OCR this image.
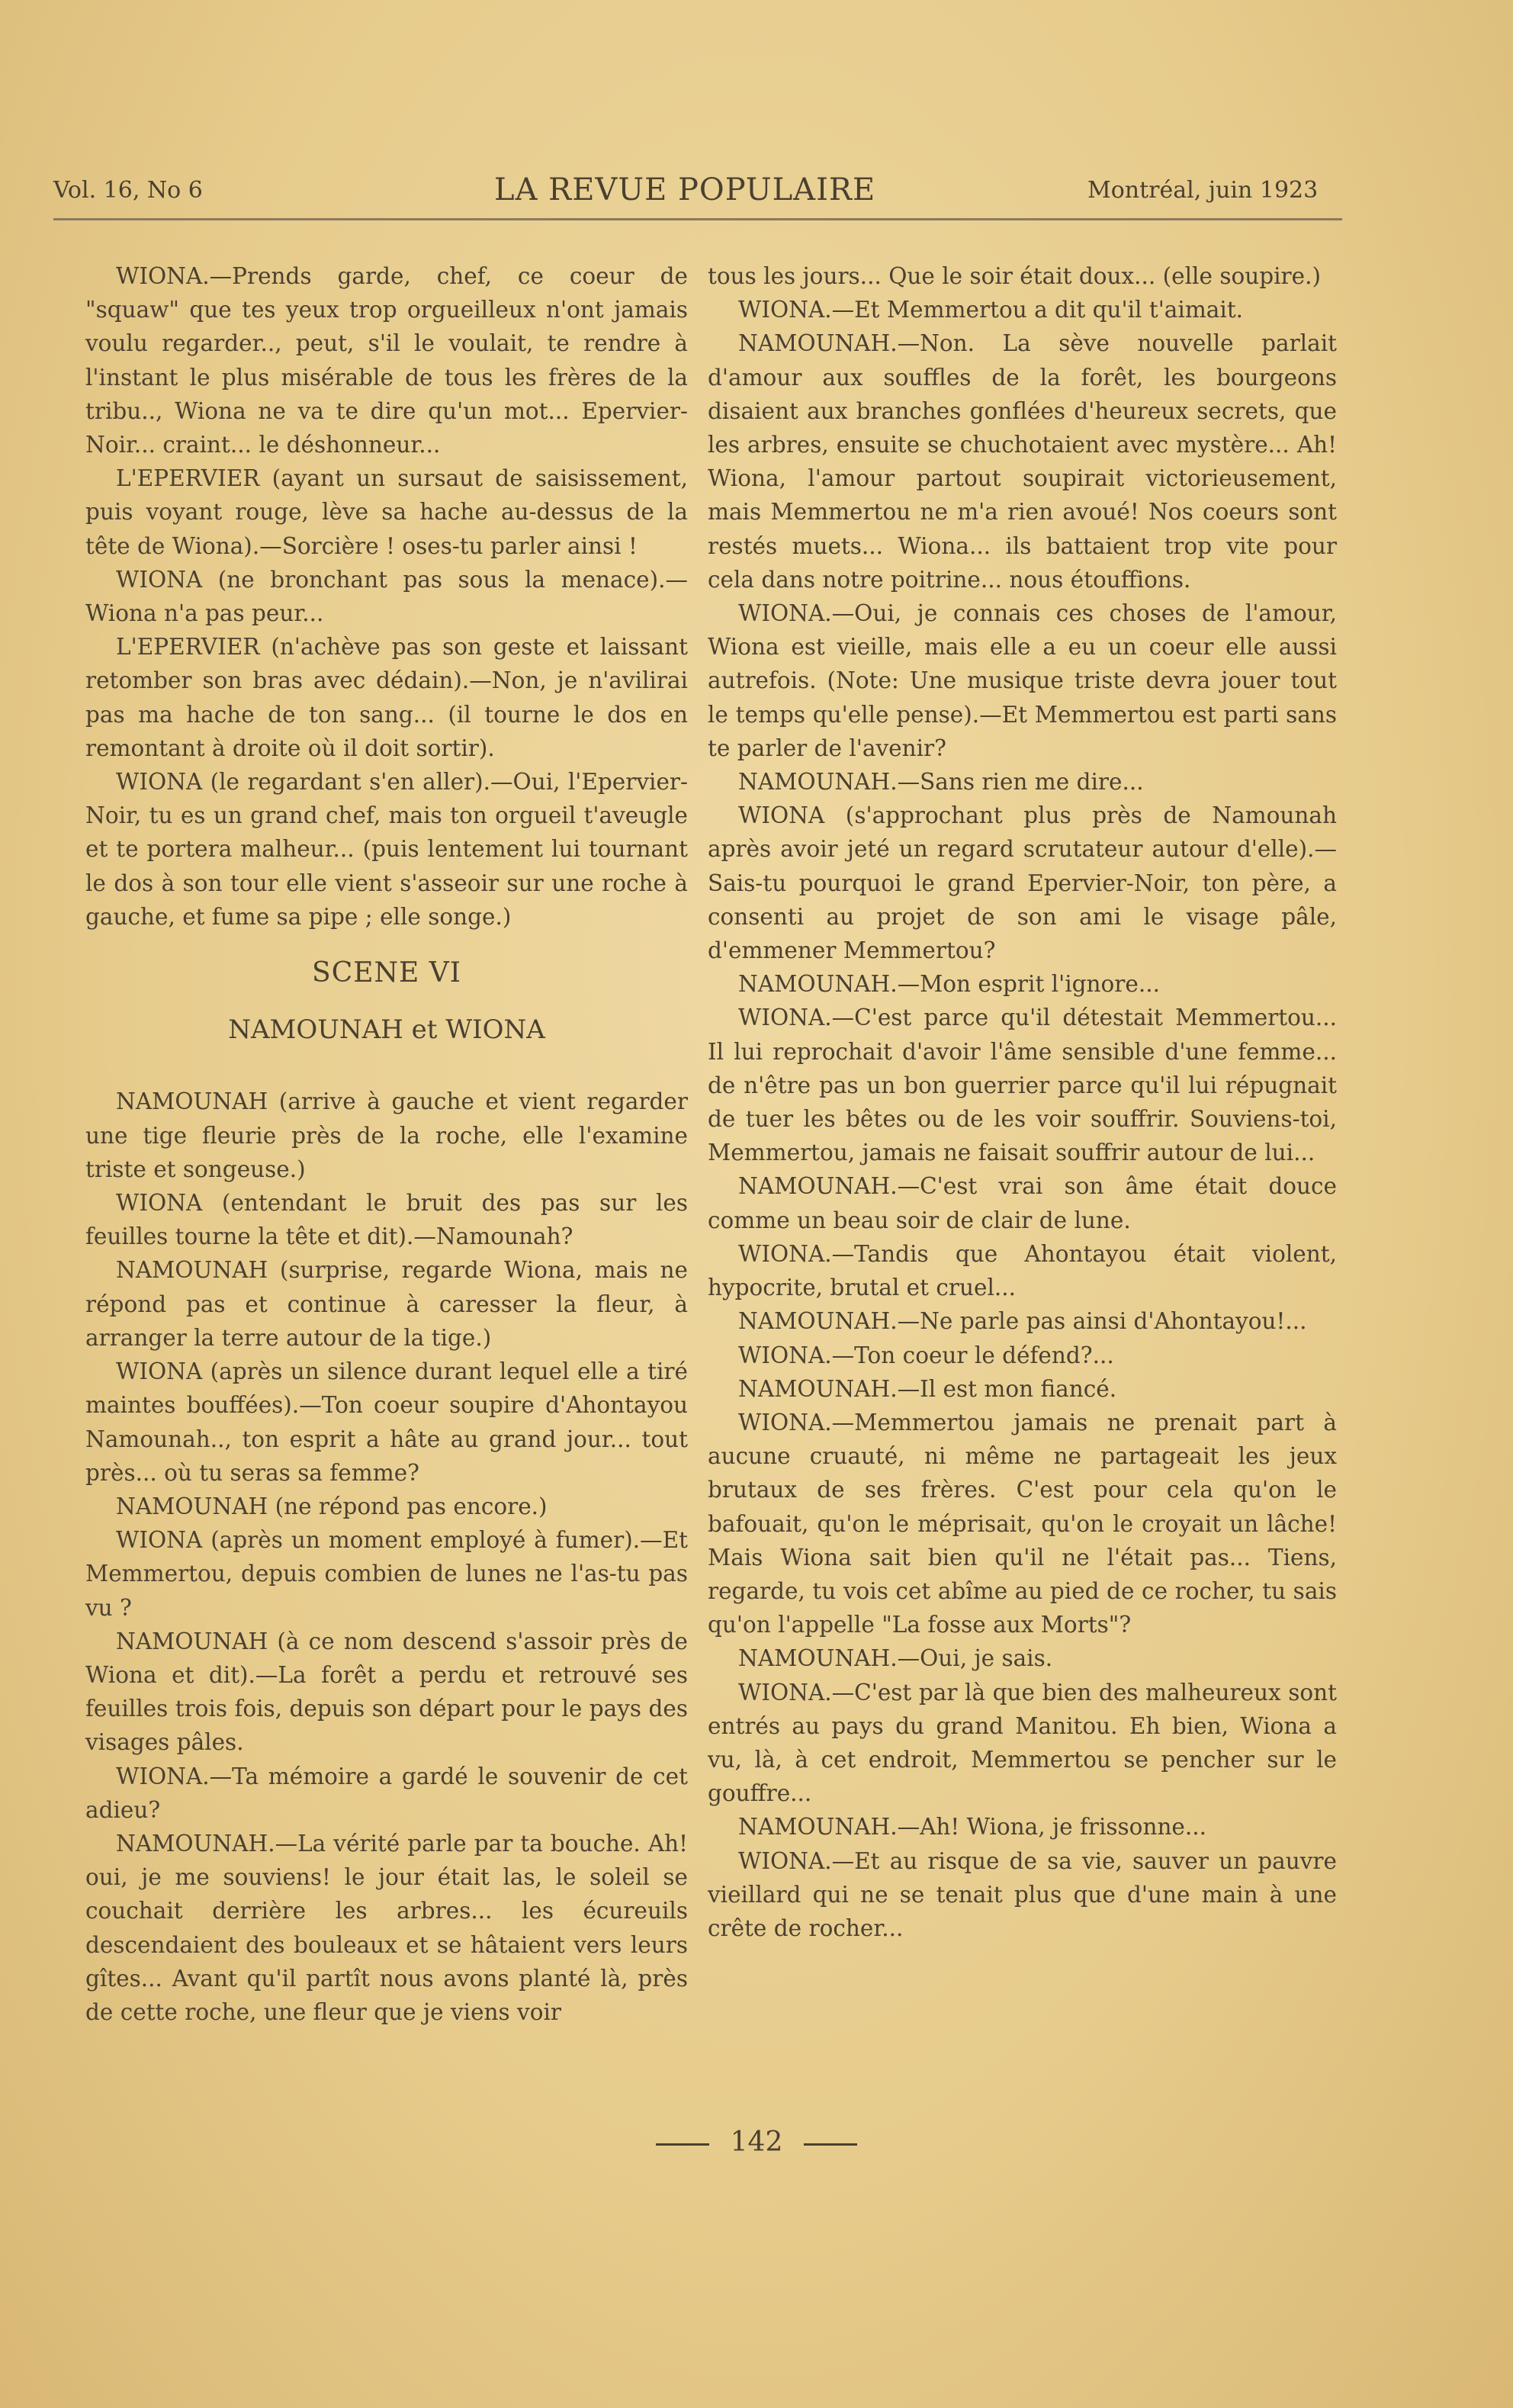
Vol. 16, No 6	LA REVUE POPULAIRE	Montréal, juin 1923

WIONA.—Prends garde, chef, ce coeur de "squaw" que tes yeux trop orgueilleux n'ont jamais voulu regarder.., peut, s'il le voulait, te rendre à l'instant le plus misérable de tous les frères de la tribu.., Wiona ne va te dire qu'un mot... Epervier-Noir... craint... le déshonneur...

L'EPERVIER (ayant un sursaut de saisissement, puis voyant rouge, lève sa hache au-dessus de la tête de Wiona).—Sorcière ! oses-tu parler ainsi !

WIONA (ne bronchant pas sous la menace).—Wiona n'a pas peur...

L'EPERVIER (n'achève pas son geste et laissant retomber son bras avec dédain).—Non, je n'avilirai pas ma hache de ton sang... (il tourne le dos en remontant à droite où il doit sortir).

WIONA (le regardant s'en aller).—Oui, l'Epervier-Noir, tu es un grand chef, mais ton orgueil t'aveugle et te portera malheur... (puis lentement lui tournant le dos à son tour elle vient s'asseoir sur une roche à gauche, et fume sa pipe ; elle songe.)

SCENE VI

NAMOUNAH et WIONA

NAMOUNAH (arrive à gauche et vient regarder une tige fleurie près de la roche, elle l'examine triste et songeuse.)

WIONA (entendant le bruit des pas sur les feuilles tourne la tête et dit).—Namounah?

NAMOUNAH (surprise, regarde Wiona, mais ne répond pas et continue à caresser la fleur, à arranger la terre autour de la tige.)

WIONA (après un silence durant lequel elle a tiré maintes bouffées).—Ton coeur soupire d'Ahontayou Namounah.., ton esprit a hâte au grand jour... tout près... où tu seras sa femme?

NAMOUNAH (ne répond pas encore.)

WIONA (après un moment employé à fumer).—Et Memmertou, depuis combien de lunes ne l'as-tu pas vu ?

NAMOUNAH (à ce nom descend s'assoir près de Wiona et dit).—La forêt a perdu et retrouvé ses feuilles trois fois, depuis son départ pour le pays des visages pâles.

WIONA.—Ta mémoire a gardé le souvenir de cet adieu?

NAMOUNAH.—La vérité parle par ta bouche. Ah! oui, je me souviens! le jour était las, le soleil se couchait derrière les arbres... les écureuils descendaient des bouleaux et se hâtaient vers leurs gîtes... Avant qu'il partît nous avons planté là, près de cette roche, une fleur que je viens voir

tous les jours... Que le soir était doux... (elle soupire.)

WIONA.—Et Memmertou a dit qu'il t'aimait.

NAMOUNAH.—Non. La sève nouvelle parlait d'amour aux souffles de la forêt, les bourgeons disaient aux branches gonflées d'heureux secrets, que les arbres, ensuite se chuchotaient avec mystère... Ah! Wiona, l'amour partout soupirait victorieusement, mais Memmertou ne m'a rien avoué! Nos coeurs sont restés muets... Wiona... ils battaient trop vite pour cela dans notre poitrine... nous étouffions.

WIONA.—Oui, je connais ces choses de l'amour, Wiona est vieille, mais elle a eu un coeur elle aussi autrefois. (Note: Une musique triste devra jouer tout le temps qu'elle pense).—Et Memmertou est parti sans te parler de l'avenir?

NAMOUNAH.—Sans rien me dire...

WIONA (s'approchant plus près de Namounah après avoir jeté un regard scrutateur autour d'elle).— Sais-tu pourquoi le grand Epervier-Noir, ton père, a consenti au projet de son ami le visage pâle, d'emmener Memmertou?

NAMOUNAH.—Mon esprit l'ignore...

WIONA.—C'est parce qu'il détestait Memmertou... Il lui reprochait d'avoir l'âme sensible d'une femme... de n'être pas un bon guerrier parce qu'il lui répugnait de tuer les bêtes ou de les voir souffrir. Souviens-toi, Memmertou, jamais ne faisait souffrir autour de lui...

NAMOUNAH.—C'est vrai son âme était douce comme un beau soir de clair de lune.

WIONA.—Tandis que Ahontayou était violent, hypocrite, brutal et cruel...

NAMOUNAH.—Ne parle pas ainsi d'Ahontayou!...

WIONA.—Ton coeur le défend?...

NAMOUNAH.—Il est mon fiancé.

WIONA.—Memmertou jamais ne prenait part à aucune cruauté, ni même ne partageait les jeux brutaux de ses frères. C'est pour cela qu'on le bafouait, qu'on le méprisait, qu'on le croyait un lâche! Mais Wiona sait bien qu'il ne l'était pas... Tiens, regarde, tu vois cet abîme au pied de ce rocher, tu sais qu'on l'appelle "La fosse aux Morts"?

NAMOUNAH.—Oui, je sais.

WIONA.—C'est par là que bien des malheureux sont entrés au pays du grand Manitou. Eh bien, Wiona a vu, là, à cet endroit, Memmertou se pencher sur le gouffre...

NAMOUNAH.—Ah! Wiona, je frissonne...

WIONA.—Et au risque de sa vie, sauver un pauvre vieillard qui ne se tenait plus que d'une main à une crête de rocher...

142
